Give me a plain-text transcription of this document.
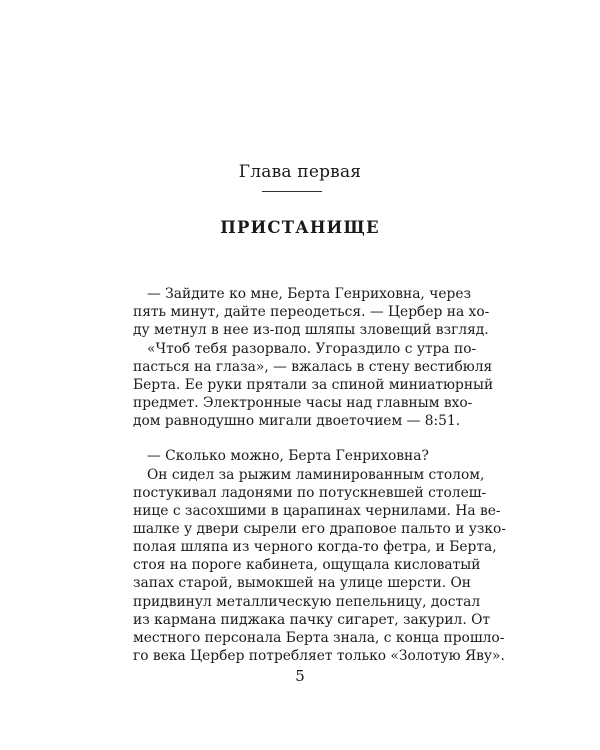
Глава первая
ПРИСТАНИЩЕ
— Зайдите ко мне, Берта Генриховна, через
пять минут, дайте переодеться. — Цербер на хо-
ду метнул в нее из-под шляпы зловещий взгляд.
«Чтоб тебя разорвало. Угораздило с утра по-
пасться на глаза», — вжалась в стену вестибюля
Берта. Ее руки прятали за спиной миниатюрный
предмет. Электронные часы над главным вхо-
дом равнодушно мигали двоеточием — 8:51.
— Сколько можно, Берта Генриховна?
Он сидел за рыжим ламинированным столом,
постукивал ладонями по потускневшей столеш-
нице с засохшими в царапинах чернилами. На ве-
шалке у двери сырели его драповое пальто и узко-
полая шляпа из черного когда-то фетра, и Берта,
стоя на пороге кабинета, ощущала кисловатый
запах старой, вымокшей на улице шерсти. Он
придвинул металлическую пепельницу, достал
из кармана пиджака пачку сигарет, закурил. От
местного персонала Берта знала, с конца прошло-
го века Цербер потребляет только «Золотую Яву».
5
